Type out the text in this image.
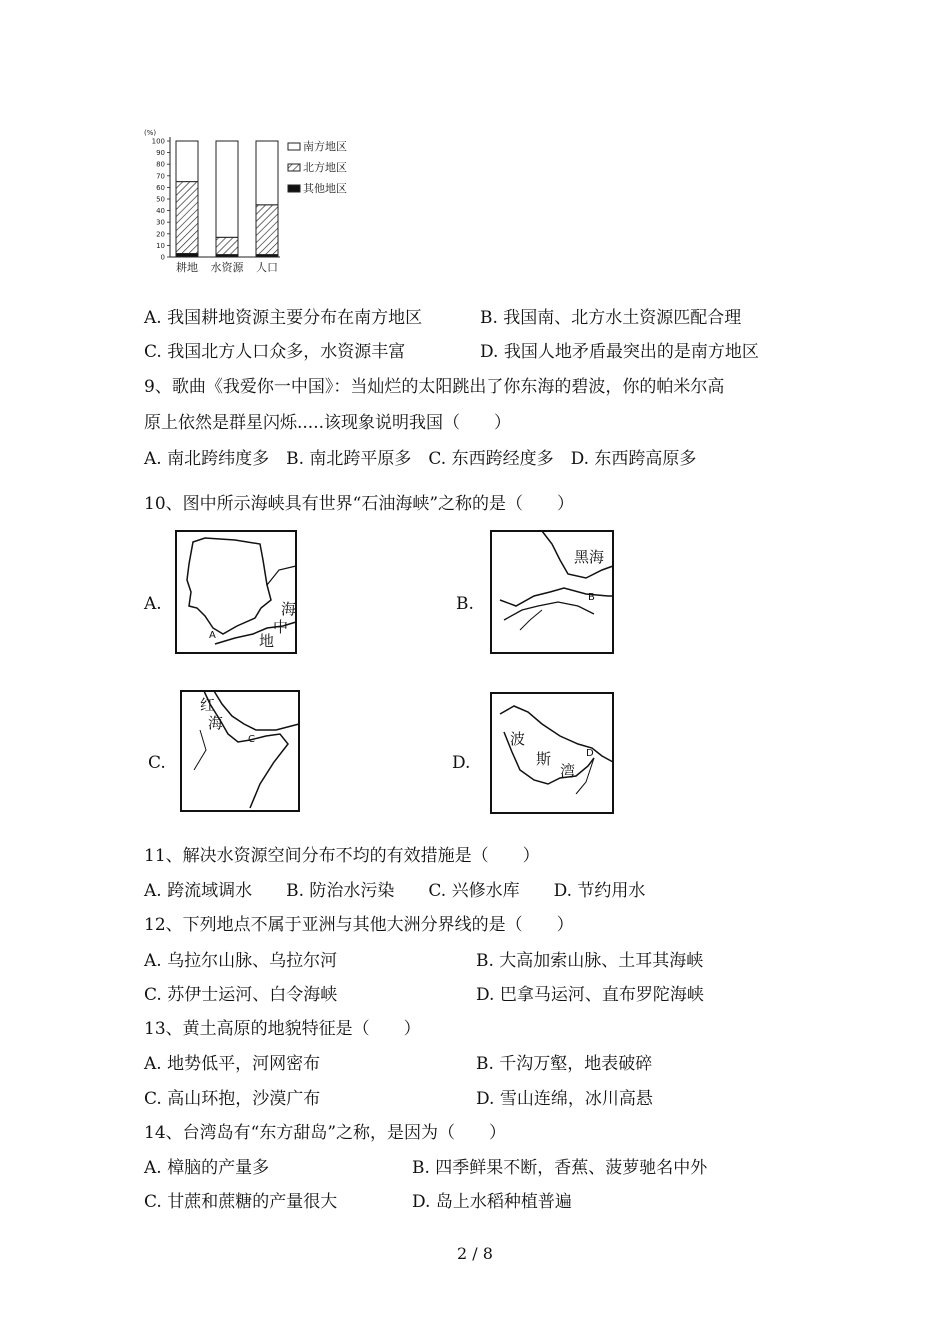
(%)
0
10
20
30
40
50
60
70
80
90
100
耕地 水资源 人口
南方地区
北方地区
其他地区
A. 我国耕地资源主要分布在南方地区	B. 我国南、北方水土资源匹配合理
C. 我国北方人口众多，水资源丰富	D. 我国人地矛盾最突出的是南方地区
9、歌曲《我爱你一中国》：当灿烂的太阳跳出了你东海的碧波，你的帕米尔高
原上依然是群星闪烁.....该现象说明我国（　　）
A. 南北跨纬度多　B. 南北跨平原多　C. 东西跨经度多　D. 东西跨高原多
10、图中所示海峡具有世界“石油海峡”之称的是（　　）
A.	B.
C.	D.
海
中
地
A
黑海
B
红
海
C	波
斯
湾
D
11、解决水资源空间分布不均的有效措施是（　　）
A. 跨流域调水　　B. 防治水污染　　C. 兴修水库　　D. 节约用水
12、下列地点不属于亚洲与其他大洲分界线的是（　　）
A. 乌拉尔山脉、乌拉尔河	B. 大高加索山脉、土耳其海峡
C. 苏伊士运河、白令海峡	D. 巴拿马运河、直布罗陀海峡
13、黄土高原的地貌特征是（　　）
A. 地势低平，河网密布	B. 千沟万壑，地表破碎
C. 高山环抱，沙漠广布	D. 雪山连绵，冰川高悬
14、台湾岛有“东方甜岛”之称，是因为（　　）
A. 樟脑的产量多	B. 四季鲜果不断，香蕉、菠萝驰名中外
C. 甘蔗和蔗糖的产量很大	D. 岛上水稻种植普遍
2 / 8
